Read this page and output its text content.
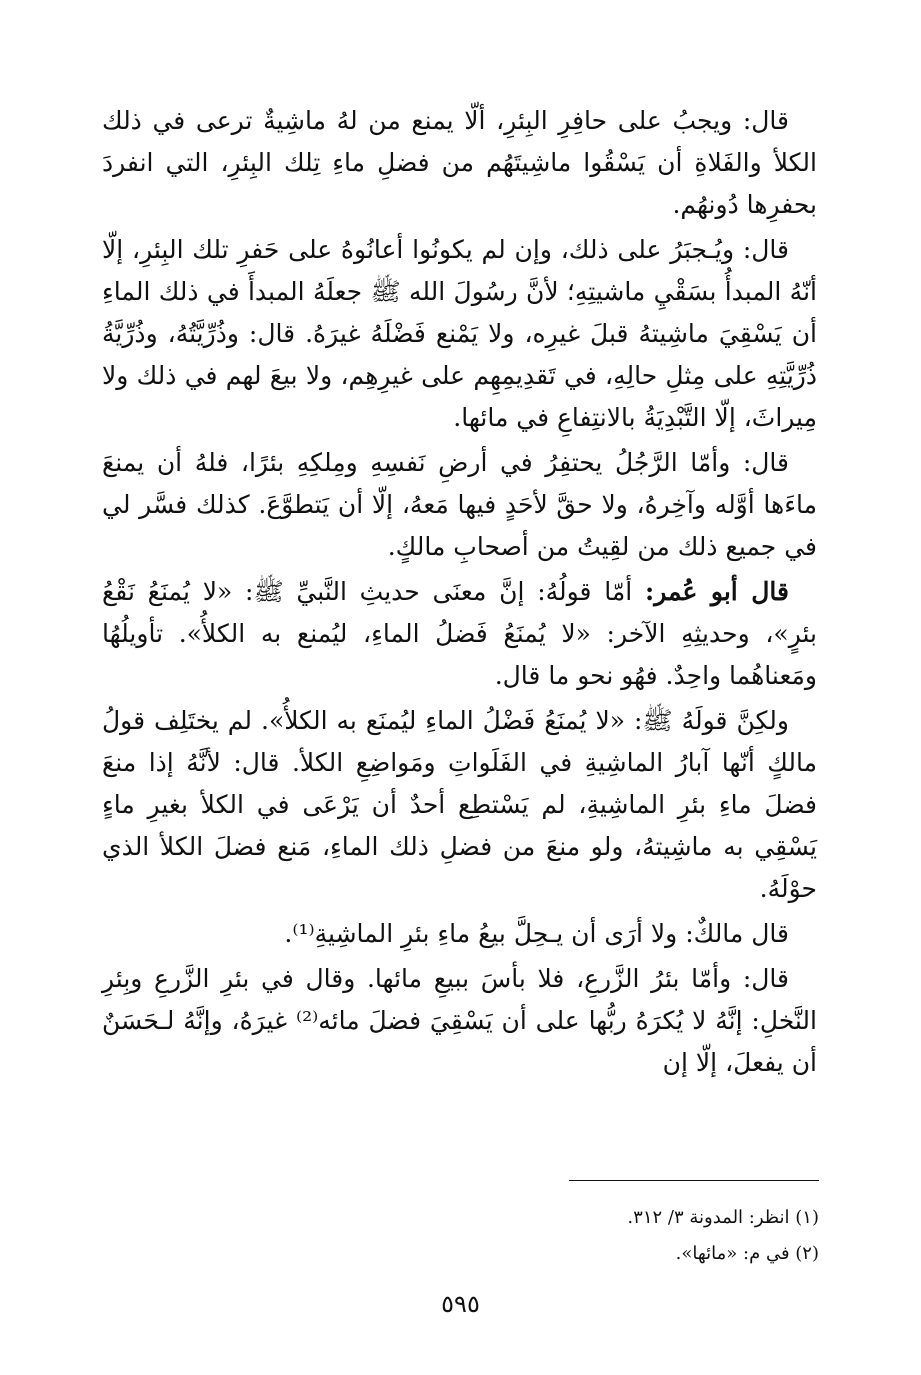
قال: ويجبُ على حافِرِ البِئرِ، ألّا يمنع من لهُ ماشِيةٌ ترعى في ذلك الكلأ والفَلاةِ أن يَسْقُوا ماشِيتَهُم من فضلِ ماءِ تِلك البِئرِ، التي انفردَ بحفرِها دُونهُم.

قال: ويُـجبَرُ على ذلك، وإن لم يكونُوا أعانُوهُ على حَفرِ تلك البِئرِ، إلّا أنّهُ المبدأُ بسَقْيِ ماشيتِهِ؛ لأنَّ رسُولَ الله ﷺ جعلَهُ المبدأَ في ذلك الماءِ أن يَسْقِيَ ماشِيتهُ قبلَ غيرِه، ولا يَمْنع فَضْلَهُ غيرَهُ. قال: وذُرِّيَّتُهُ، وذُرِّيَّةُ ذُرِّيَّتِهِ على مِثلِ حالِهِ، في تَقدِيمِهِم على غيرِهِم، ولا بيعَ لهم في ذلك ولا مِيراثَ، إلّا التَّبْدِيَةُ بالانتِفاعِ في مائها.

قال: وأمّا الرَّجُلُ يحتفِرُ في أرضِ نَفسِهِ ومِلكِهِ بئرًا، فلهُ أن يمنعَ ماءَها أوَّله وآخِرهُ، ولا حقَّ لأحَدٍ فيها مَعهُ، إلّا أن يَتطوَّعَ. كذلك فسَّر لي في جميع ذلك من لقِيتُ من أصحابِ مالكٍ.

قال أبو عُمر: أمّا قولُهُ: إنَّ معنَى حديثِ النَّبيِّ ﷺ: «لا يُمنَعُ نَقْعُ بئرٍ»، وحديثِهِ الآخر: «لا يُمنَعُ فَضلُ الماءِ، ليُمنع به الكلأُ». تأويلُهُا ومَعناهُما واحِدٌ. فهُو نحو ما قال.

ولكِنَّ قولَهُ ﷺ: «لا يُمنَعُ فَضْلُ الماءِ ليُمنَع به الكلأُ». لم يختَلِف قولُ مالكٍ أنّها آبارُ الماشِيةِ في الفَلَواتِ ومَواضِعِ الكلأ. قال: لأنَّهُ إذا منعَ فضلَ ماءِ بئرِ الماشِيةِ، لم يَسْتطِع أحدٌ أن يَرْعَى في الكلأ بغيرِ ماءٍ يَسْقِي به ماشِيتهُ، ولو منعَ من فضلِ ذلك الماءِ، مَنع فضلَ الكلأ الذي حوْلَهُ.

قال مالكٌ: ولا أرَى أن يـحِلَّ بيعُ ماءِ بئرِ الماشِيةِ⁽¹⁾.

قال: وأمّا بئرُ الزَّرعِ، فلا بأسَ ببيعِ مائها. وقال في بئرِ الزَّرعِ وبِئرِ النَّخلِ: إنَّهُ لا يُكرَهُ ربُّها على أن يَسْقِيَ فضلَ مائه⁽²⁾ غيرَهُ، وإنَّهُ لـحَسَنٌ أن يفعلَ، إلّا إن

(١) انظر: المدونة ٣/ ٣١٢.

(٢) في م: «مائها».

٥٩٥
